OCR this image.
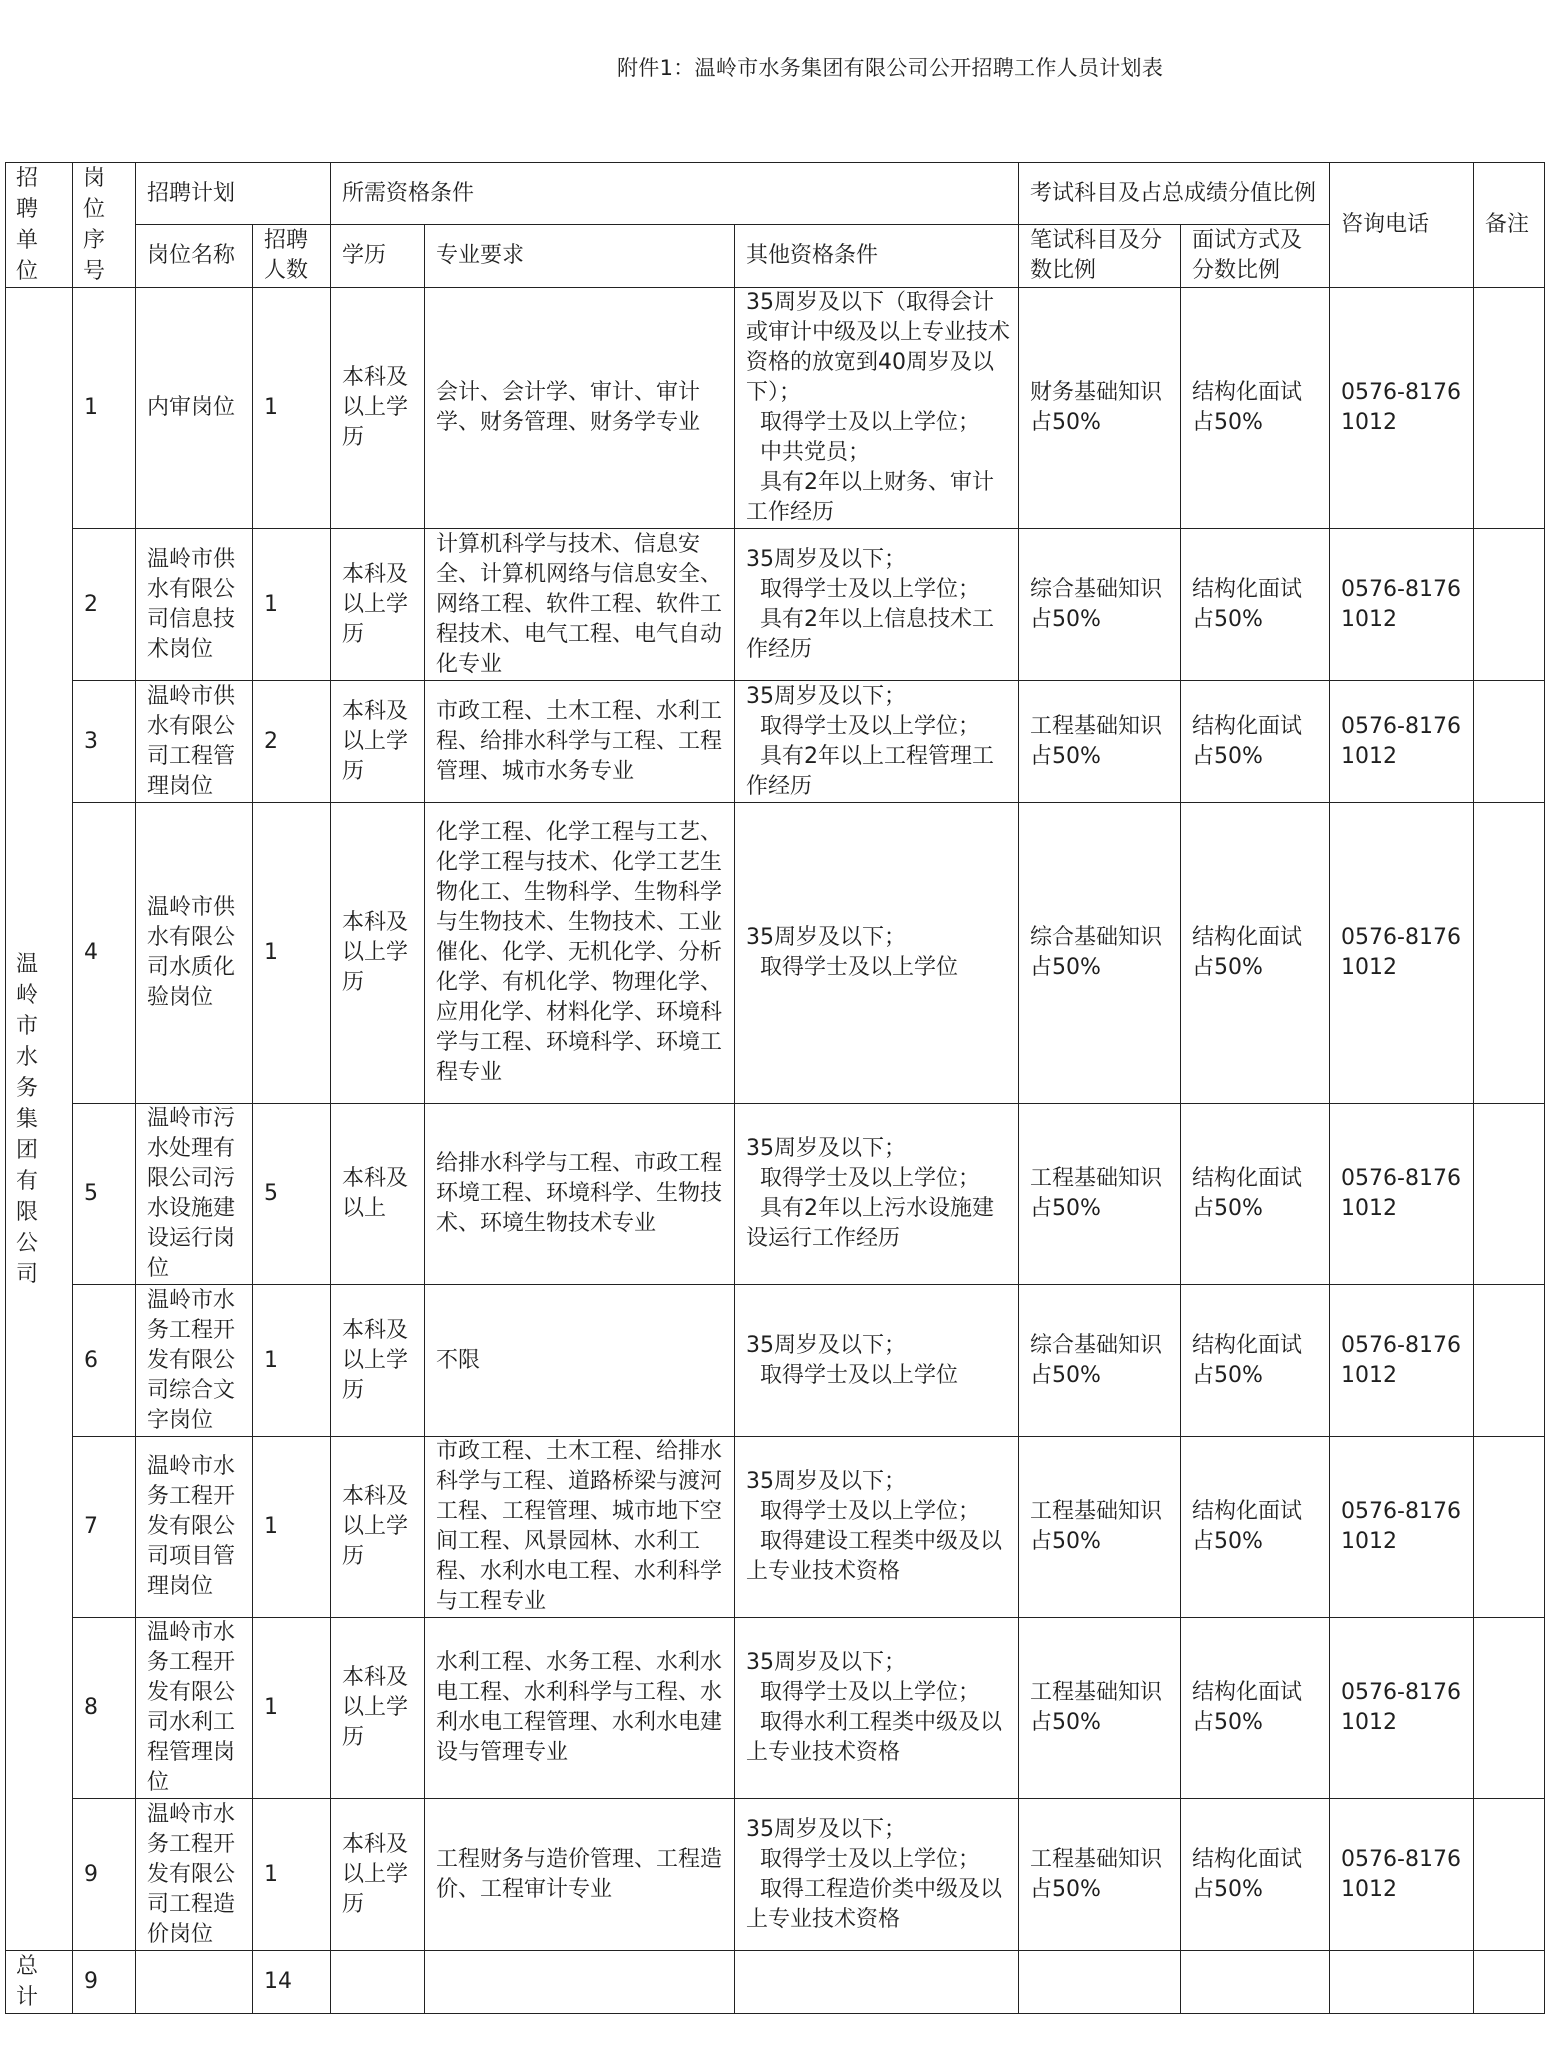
附件1：温岭市水务集团有限公司公开招聘工作人员计划表
招聘单位	岗位序号	招聘计划		所需资格条件			考试科目及占总成绩分值比例		咨询电话	备注
		岗位名称	招聘人数	学历	专业要求	其他资格条件	笔试科目及分数比例	面试方式及分数比例		

温岭市水务集团有限公司	1	内审岗位	1	本科及以上学历	会计、会计学、审计、审计学、财务管理、财务学专业	35周岁及以下（取得会计或审计中级及以上专业技术资格的放宽到40周岁及以下）；
取得学士及以上学位；
中共党员；
具有2年以上财务、审计工作经历	财务基础知识占50%	结构化面试占50%	0576-81761012	
	2	温岭市供水有限公司信息技术岗位	1	本科及以上学历	计算机科学与技术、信息安全、计算机网络与信息安全、网络工程、软件工程、软件工程技术、电气工程、电气自动化专业	35周岁及以下；
取得学士及以上学位；
具有2年以上信息技术工作经历	综合基础知识占50%	结构化面试占50%	0576-81761012	
	3	温岭市供水有限公司工程管理岗位	2	本科及以上学历	市政工程、土木工程、水利工程、给排水科学与工程、工程管理、城市水务专业	35周岁及以下；
取得学士及以上学位；
具有2年以上工程管理工作经历	工程基础知识占50%	结构化面试占50%	0576-81761012	
	4	温岭市供水有限公司水质化验岗位	1	本科及以上学历	化学工程、化学工程与工艺、化学工程与技术、化学工艺生物化工、生物科学、生物科学与生物技术、生物技术、工业催化、化学、无机化学、分析化学、有机化学、物理化学、应用化学、材料化学、环境科学与工程、环境科学、环境工程专业	35周岁及以下；
取得学士及以上学位	综合基础知识占50%	结构化面试占50%	0576-81761012	
	5	温岭市污水处理有限公司污水设施建设运行岗位	5	本科及以上	给排水科学与工程、市政工程环境工程、环境科学、生物技术、环境生物技术专业	35周岁及以下；
取得学士及以上学位；
具有2年以上污水设施建设运行工作经历	工程基础知识占50%	结构化面试占50%	0576-81761012	
	6	温岭市水务工程开发有限公司综合文字岗位	1	本科及以上学历	不限	35周岁及以下；
取得学士及以上学位	综合基础知识占50%	结构化面试占50%	0576-81761012	
	7	温岭市水务工程开发有限公司项目管理岗位	1	本科及以上学历	市政工程、土木工程、给排水科学与工程、道路桥梁与渡河工程、工程管理、城市地下空间工程、风景园林、水利工程、水利水电工程、水利科学与工程专业	35周岁及以下；
取得学士及以上学位；
取得建设工程类中级及以上专业技术资格	工程基础知识占50%	结构化面试占50%	0576-81761012	
	8	温岭市水务工程开发有限公司水利工程管理岗位	1	本科及以上学历	水利工程、水务工程、水利水电工程、水利科学与工程、水利水电工程管理、水利水电建设与管理专业	35周岁及以下；
取得学士及以上学位；
取得水利工程类中级及以上专业技术资格	工程基础知识占50%	结构化面试占50%	0576-81761012	
	9	温岭市水务工程开发有限公司工程造价岗位	1	本科及以上学历	工程财务与造价管理、工程造价、工程审计专业	35周岁及以下；
取得学士及以上学位；
取得工程造价类中级及以上专业技术资格	工程基础知识占50%	结构化面试占50%	0576-81761012	

总计	9		14							
